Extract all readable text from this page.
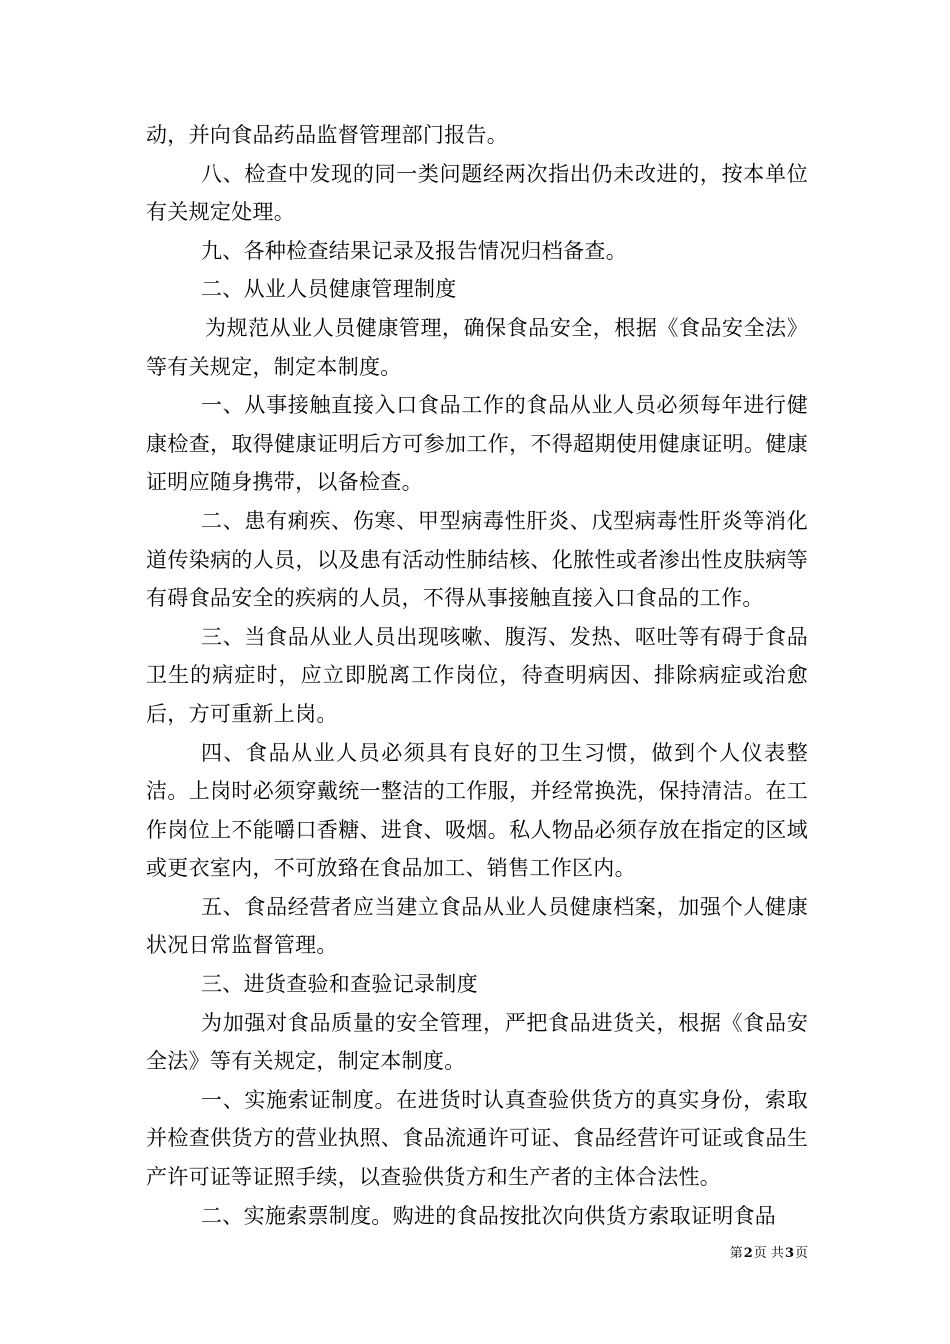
动，并向食品药品监督管理部门报告。

八、检查中发现的同一类问题经两次指出仍未改进的，按本单位有关规定处理。

九、各种检查结果记录及报告情况归档备查。

二、从业人员健康管理制度

为规范从业人员健康管理，确保食品安全，根据《食品安全法》等有关规定，制定本制度。

一、从事接触直接入口食品工作的食品从业人员必须每年进行健康检查，取得健康证明后方可参加工作，不得超期使用健康证明。健康证明应随身携带，以备检查。

二、患有痢疾、伤寒、甲型病毒性肝炎、戊型病毒性肝炎等消化道传染病的人员，以及患有活动性肺结核、化脓性或者渗出性皮肤病等有碍食品安全的疾病的人员，不得从事接触直接入口食品的工作。

三、当食品从业人员出现咳嗽、腹泻、发热、呕吐等有碍于食品卫生的病症时，应立即脱离工作岗位，待查明病因、排除病症或治愈后，方可重新上岗。

四、食品从业人员必须具有良好的卫生习惯，做到个人仪表整洁。上岗时必须穿戴统一整洁的工作服，并经常换洗，保持清洁。在工作岗位上不能嚼口香糖、进食、吸烟。私人物品必须存放在指定的区域或更衣室内，不可放臵在食品加工、销售工作区内。

五、食品经营者应当建立食品从业人员健康档案，加强个人健康状况日常监督管理。

三、进货查验和查验记录制度

为加强对食品质量的安全管理，严把食品进货关，根据《食品安全法》等有关规定，制定本制度。

一、实施索证制度。在进货时认真查验供货方的真实身份，索取并检查供货方的营业执照、食品流通许可证、食品经营许可证或食品生产许可证等证照手续，以查验供货方和生产者的主体合法性。

二、实施索票制度。购进的食品按批次向供货方索取证明食品

第2页 共3页
